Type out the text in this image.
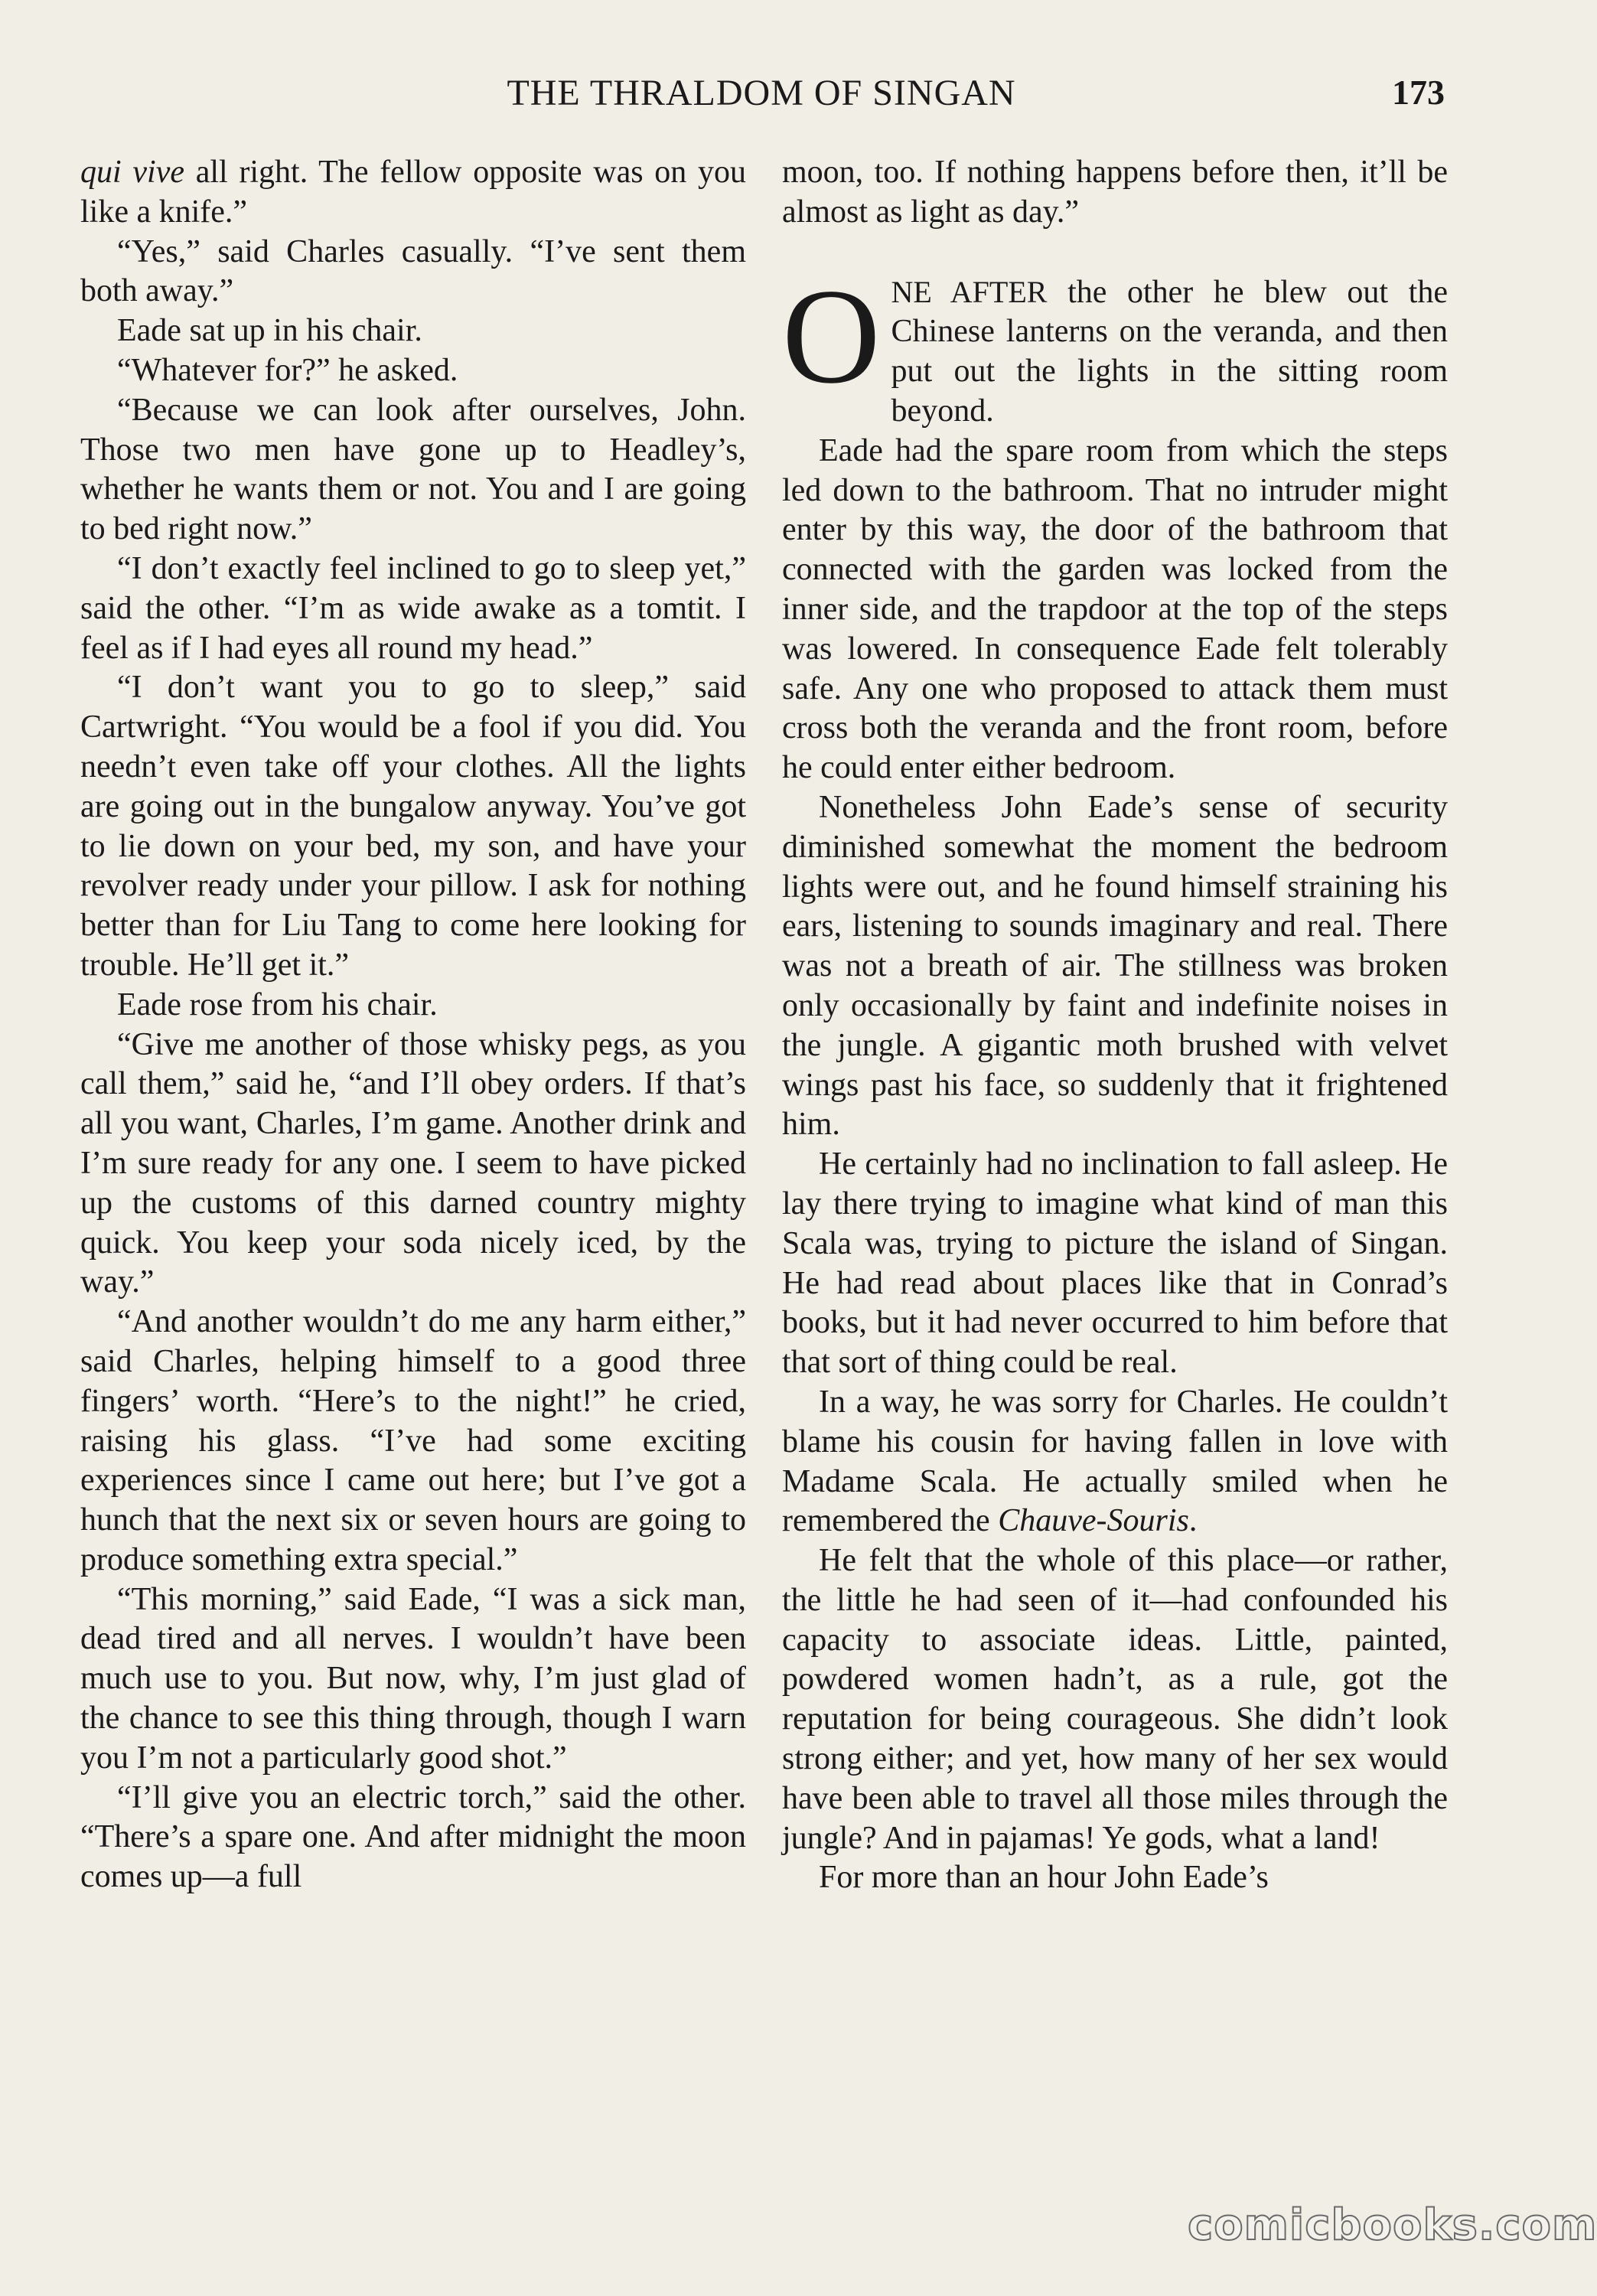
THE THRALDOM OF SINGAN	173

qui vive all right. The fellow opposite was on you like a knife.”

“Yes,” said Charles casually. “I’ve sent them both away.”

Eade sat up in his chair.

“Whatever for?” he asked.

“Because we can look after ourselves, John. Those two men have gone up to Headley’s, whether he wants them or not. You and I are going to bed right now.”

“I don’t exactly feel inclined to go to sleep yet,” said the other. “I’m as wide awake as a tomtit. I feel as if I had eyes all round my head.”

“I don’t want you to go to sleep,” said Cartwright. “You would be a fool if you did. You needn’t even take off your clothes. All the lights are going out in the bungalow anyway. You’ve got to lie down on your bed, my son, and have your revolver ready under your pillow. I ask for nothing better than for Liu Tang to come here looking for trouble. He’ll get it.”

Eade rose from his chair.

“Give me another of those whisky pegs, as you call them,” said he, “and I’ll obey orders. If that’s all you want, Charles, I’m game. Another drink and I’m sure ready for any one. I seem to have picked up the customs of this darned country mighty quick. You keep your soda nicely iced, by the way.”

“And another wouldn’t do me any harm either,” said Charles, helping himself to a good three fingers’ worth. “Here’s to the night!” he cried, raising his glass. “I’ve had some exciting experiences since I came out here; but I’ve got a hunch that the next six or seven hours are going to produce something extra special.”

“This morning,” said Eade, “I was a sick man, dead tired and all nerves. I wouldn’t have been much use to you. But now, why, I’m just glad of the chance to see this thing through, though I warn you I’m not a particularly good shot.”

“I’ll give you an electric torch,” said the other. “There’s a spare one. And after midnight the moon comes up—a full

moon, too. If nothing happens before then, it’ll be almost as light as day.”

ONE AFTER the other he blew out the Chinese lanterns on the veranda, and then put out the lights in the sitting room beyond.

Eade had the spare room from which the steps led down to the bathroom. That no intruder might enter by this way, the door of the bathroom that connected with the garden was locked from the inner side, and the trapdoor at the top of the steps was lowered. In consequence Eade felt tolerably safe. Any one who proposed to attack them must cross both the veranda and the front room, before he could enter either bedroom.

Nonetheless John Eade’s sense of security diminished somewhat the moment the bedroom lights were out, and he found himself straining his ears, listening to sounds imaginary and real. There was not a breath of air. The stillness was broken only occasionally by faint and indefinite noises in the jungle. A gigantic moth brushed with velvet wings past his face, so suddenly that it frightened him.

He certainly had no inclination to fall asleep. He lay there trying to imagine what kind of man this Scala was, trying to picture the island of Singan. He had read about places like that in Conrad’s books, but it had never occurred to him before that that sort of thing could be real.

In a way, he was sorry for Charles. He couldn’t blame his cousin for having fallen in love with Madame Scala. He actually smiled when he remembered the Chauve-Souris.

He felt that the whole of this place—or rather, the little he had seen of it—had confounded his capacity to associate ideas. Little, painted, powdered women hadn’t, as a rule, got the reputation for being courageous. She didn’t look strong either; and yet, how many of her sex would have been able to travel all those miles through the jungle? And in pajamas! Ye gods, what a land!

For more than an hour John Eade’s

comicbooks.com
